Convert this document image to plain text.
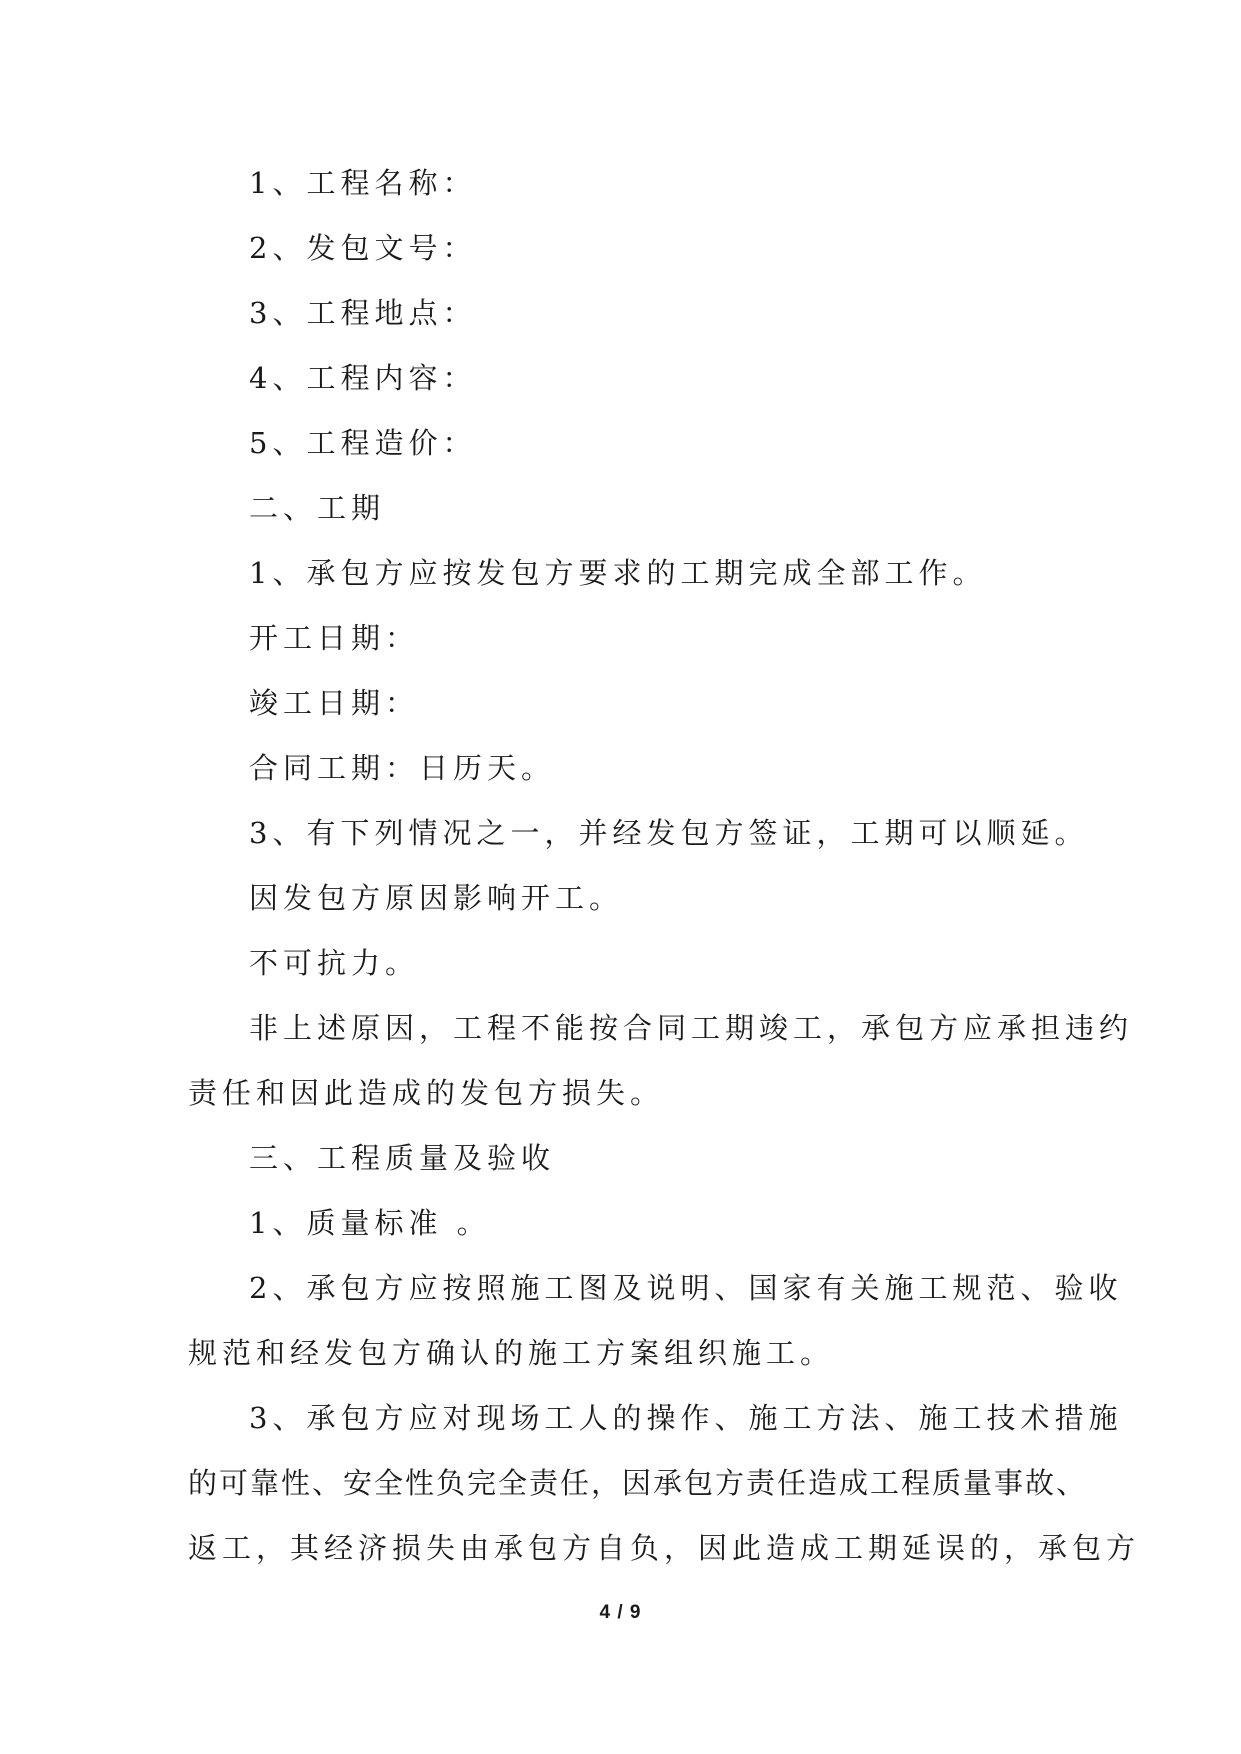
1、工程名称：
2、发包文号：
3、工程地点：
4、工程内容：
5、工程造价：
二、工期
1、承包方应按发包方要求的工期完成全部工作。
开工日期：
竣工日期：
合同工期：日历天。
3、有下列情况之一，并经发包方签证，工期可以顺延。
因发包方原因影响开工。
不可抗力。
非上述原因，工程不能按合同工期竣工，承包方应承担违约
责任和因此造成的发包方损失。
三、工程质量及验收
1、质量标准 。
2、承包方应按照施工图及说明、国家有关施工规范、验收
规范和经发包方确认的施工方案组织施工。
3、承包方应对现场工人的操作、施工方法、施工技术措施
的可靠性、安全性负完全责任，因承包方责任造成工程质量事故、
返工，其经济损失由承包方自负，因此造成工期延误的，承包方
4 / 9
